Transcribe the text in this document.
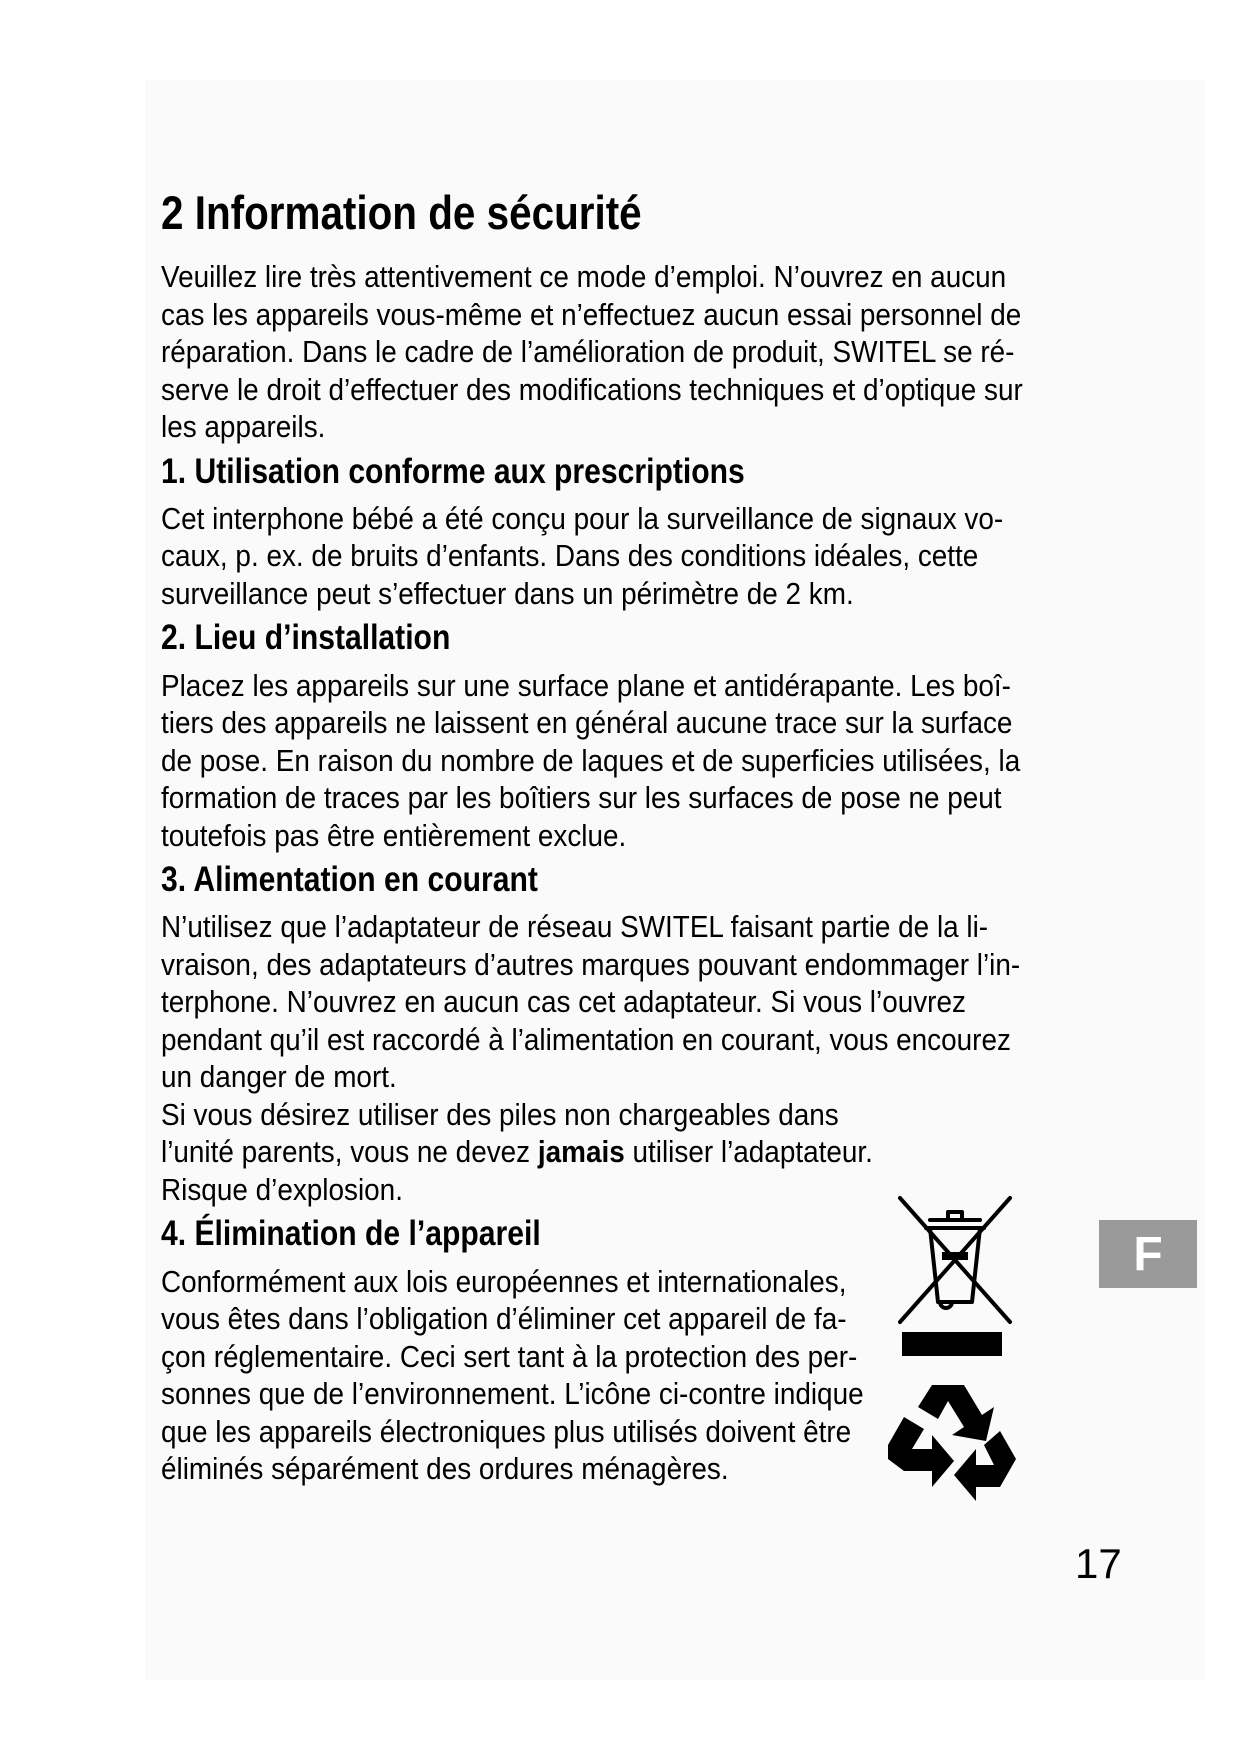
2 Information de sécurité

Veuillez lire très attentivement ce mode d’emploi. N’ouvrez en aucun
cas les appareils vous-même et n’effectuez aucun essai personnel de
réparation. Dans le cadre de l’amélioration de produit, SWITEL se ré-
serve le droit d’effectuer des modifications techniques et d’optique sur
les appareils.

1. Utilisation conforme aux prescriptions

Cet interphone bébé a été conçu pour la surveillance de signaux vo-
caux, p. ex. de bruits d’enfants. Dans des conditions idéales, cette
surveillance peut s’effectuer dans un périmètre de 2 km.

2. Lieu d’installation

Placez les appareils sur une surface plane et antidérapante. Les boî-
tiers des appareils ne laissent en général aucune trace sur la surface
de pose. En raison du nombre de laques et de superficies utilisées, la
formation de traces par les boîtiers sur les surfaces de pose ne peut
toutefois pas être entièrement exclue.

3. Alimentation en courant

N’utilisez que l’adaptateur de réseau SWITEL faisant partie de la li-
vraison, des adaptateurs d’autres marques pouvant endommager l’in-
terphone. N’ouvrez en aucun cas cet adaptateur. Si vous l’ouvrez
pendant qu’il est raccordé à l’alimentation en courant, vous encourez
un danger de mort.
Si vous désirez utiliser des piles non chargeables dans
l’unité parents, vous ne devez jamais utiliser l’adaptateur.
Risque d’explosion.

4. Élimination de l’appareil

Conformément aux lois européennes et internationales,
vous êtes dans l’obligation d’éliminer cet appareil de fa-
çon réglementaire. Ceci sert tant à la protection des per-
sonnes que de l’environnement. L’icône ci-contre indique
que les appareils électroniques plus utilisés doivent être
éliminés séparément des ordures ménagères.

F
17
